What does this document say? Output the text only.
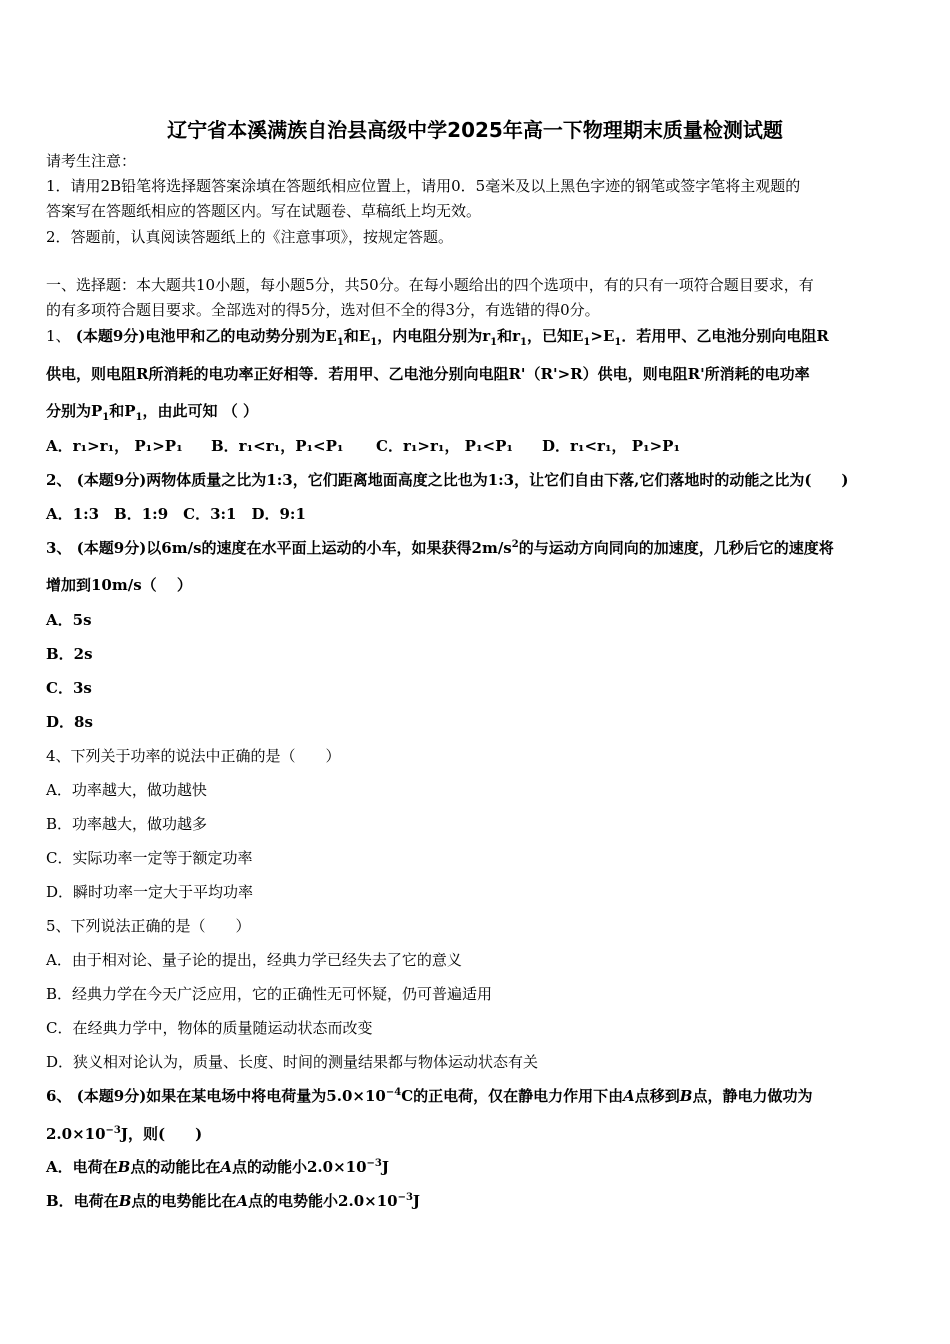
辽宁省本溪满族自治县高级中学2025年高一下物理期末质量检测试题
请考生注意：
1．请用2B铅笔将选择题答案涂填在答题纸相应位置上，请用0．5毫米及以上黑色字迹的钢笔或签字笔将主观题的
答案写在答题纸相应的答题区内。写在试题卷、草稿纸上均无效。
2．答题前，认真阅读答题纸上的《注意事项》，按规定答题。
一、选择题：本大题共10小题，每小题5分，共50分。在每小题给出的四个选项中，有的只有一项符合题目要求，有
的有多项符合题目要求。全部选对的得5分，选对但不全的得3分，有选错的得0分。
1、 (本题9分)电池甲和乙的电动势分别为$E_1$和$E_1$，内电阻分别为$r_1$和$r_1$，已知$E_1>E_1$．若用甲、乙电池分别向电阻R
供电，则电阻R所消耗的电功率正好相等．若用甲、乙电池分别向电阻R'（R'>R）供电，则电阻R'所消耗的电功率
分别为$P_1$和$P_1$，由此可知 （ ）
A．r₁>r₁， P₁>P₁ B．r₁<r₁，P₁<P₁ C．r₁>r₁， P₁<P₁ D．r₁<r₁， P₁>P₁
2、 (本题9分)两物体质量之比为1:3，它们距离地面高度之比也为1:3，让它们自由下落,它们落地时的动能之比为(　　)
A．1:3　B．1:9　C．3:1　D．9:1
3、 (本题9分)以6m/s的速度在水平面上运动的小车，如果获得$2m/s^2$的与运动方向同向的加速度，几秒后它的速度将
增加到10m/s（　 ）
A．5s
B．2s
C．3s
D．8s
4、下列关于功率的说法中正确的是（　　）
A．功率越大，做功越快
B．功率越大，做功越多
C．实际功率一定等于额定功率
D．瞬时功率一定大于平均功率
5、下列说法正确的是（　　）
A．由于相对论、量子论的提出，经典力学已经失去了它的意义
B．经典力学在今天广泛应用，它的正确性无可怀疑，仍可普遍适用
C．在经典力学中，物体的质量随运动状态而改变
D．狭义相对论认为，质量、长度、时间的测量结果都与物体运动状态有关
6、 (本题9分)如果在某电场中将电荷量为$5.0\times 10^{-4}C$的正电荷，仅在静电力作用下由A点移到B点，静电力做功为
$2.0\times 10^{-3}J$，则(　　)
A．电荷在B点的动能比在A点的动能小$2.0\times 10^{-3}J$
B．电荷在B点的电势能比在A点的电势能小$2.0\times 10^{-3}J$
